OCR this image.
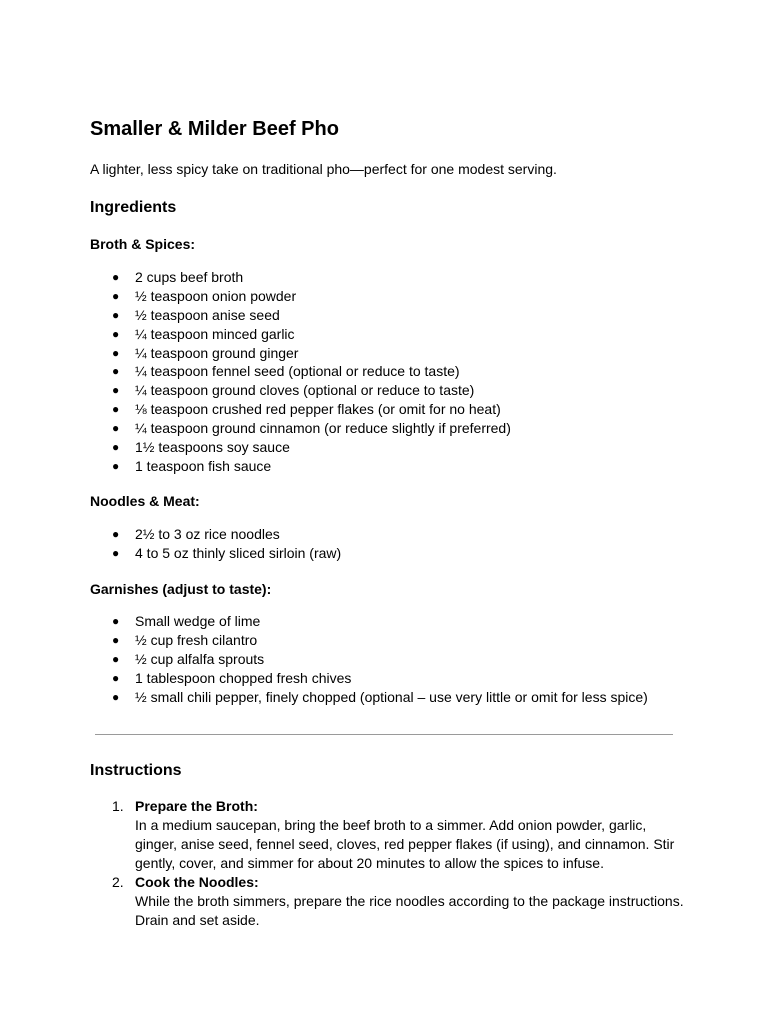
Smaller & Milder Beef Pho

A lighter, less spicy take on traditional pho—perfect for one modest serving.

Ingredients

Broth & Spices:

● 2 cups beef broth
● ½ teaspoon onion powder
● ½ teaspoon anise seed
● ¼ teaspoon minced garlic
● ¼ teaspoon ground ginger
● ¼ teaspoon fennel seed (optional or reduce to taste)
● ¼ teaspoon ground cloves (optional or reduce to taste)
● ⅛ teaspoon crushed red pepper flakes (or omit for no heat)
● ¼ teaspoon ground cinnamon (or reduce slightly if preferred)
● 1½ teaspoons soy sauce
● 1 teaspoon fish sauce

Noodles & Meat:

● 2½ to 3 oz rice noodles
● 4 to 5 oz thinly sliced sirloin (raw)

Garnishes (adjust to taste):

● Small wedge of lime
● ½ cup fresh cilantro
● ½ cup alfalfa sprouts
● 1 tablespoon chopped fresh chives
● ½ small chili pepper, finely chopped (optional – use very little or omit for less spice)
Instructions
1. Prepare the Broth:
In a medium saucepan, bring the beef broth to a simmer. Add onion powder, garlic, ginger, anise seed, fennel seed, cloves, red pepper flakes (if using), and cinnamon. Stir gently, cover, and simmer for about 20 minutes to allow the spices to infuse.
2. Cook the Noodles:
While the broth simmers, prepare the rice noodles according to the package instructions. Drain and set aside.
